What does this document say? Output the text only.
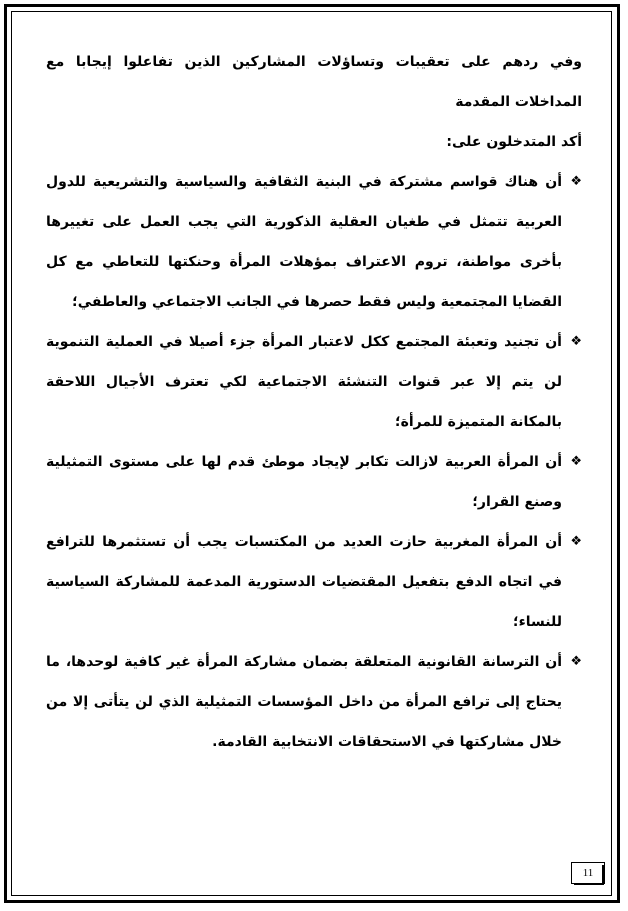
وفي ردهم على تعقيبات وتساؤلات المشاركين الذين تفاعلوا إيجابا مع المداخلات المقدمة

أكد المتدخلون على:

❖
أن هناك قواسم مشتركة في البنية الثقافية والسياسية والتشريعية للدول العربية تتمثل في طغيان العقلية الذكورية التي يجب العمل على تغييرها بأخرى مواطنة، تروم الاعتراف بمؤهلات المرأة وحنكتها للتعاطي مع كل القضايا المجتمعية وليس فقط حصرها في الجانب الاجتماعي والعاطفي؛

❖
أن تجنيد وتعبئة المجتمع ككل لاعتبار المرأة جزء أصيلا في العملية التنموية لن يتم إلا عبر قنوات التنشئة الاجتماعية لكي تعترف الأجيال اللاحقة بالمكانة المتميزة للمرأة؛

❖
أن المرأة العربية لازالت تكابر لإيجاد موطئ قدم لها على مستوى التمثيلية وصنع القرار؛

❖
أن المرأة المغربية حازت العديد من المكتسبات يجب أن تستثمرها للترافع في اتجاه الدفع بتفعيل المقتضيات الدستورية المدعمة للمشاركة السياسية للنساء؛

❖
أن الترسانة القانونية المتعلقة بضمان مشاركة المرأة غير كافية لوحدها، ما يحتاج إلى ترافع المرأة من داخل المؤسسات التمثيلية الذي لن يتأتى إلا من خلال مشاركتها في الاستحقاقات الانتخابية القادمة.

11
